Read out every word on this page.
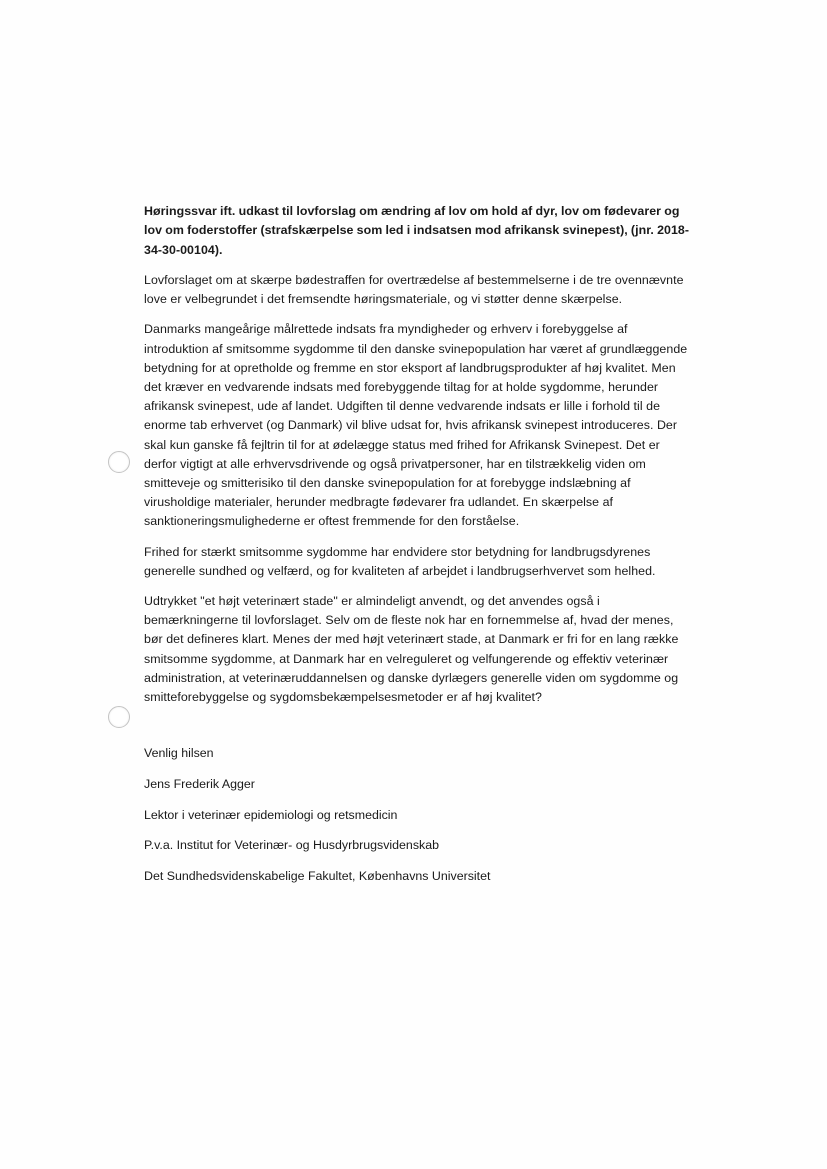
Høringssvar ift. udkast til lovforslag om ændring af lov om hold af dyr, lov om fødevarer og lov om foderstoffer (strafskærpelse som led i indsatsen mod afrikansk svinepest), (jnr. 2018-34-30-00104).

Lovforslaget om at skærpe bødestraffen for overtrædelse af bestemmelserne i de tre ovennævnte love er velbegrundet i det fremsendte høringsmateriale, og vi støtter denne skærpelse.

Danmarks mangeårige målrettede indsats fra myndigheder og erhverv i forebyggelse af introduktion af smitsomme sygdomme til den danske svinepopulation har været af grundlæggende betydning for at opretholde og fremme en stor eksport af landbrugsprodukter af høj kvalitet. Men det kræver en vedvarende indsats med forebyggende tiltag for at holde sygdomme, herunder afrikansk svinepest, ude af landet. Udgiften til denne vedvarende indsats er lille i forhold til de enorme tab erhvervet (og Danmark) vil blive udsat for, hvis afrikansk svinepest introduceres. Der skal kun ganske få fejltrin til for at ødelægge status med frihed for Afrikansk Svinepest. Det er derfor vigtigt at alle erhvervsdrivende og også privatpersoner, har en tilstrækkelig viden om smitteveje og smitterisiko til den danske svinepopulation for at forebygge indslæbning af virusholdige materialer, herunder medbragte fødevarer fra udlandet. En skærpelse af sanktioneringsmulighederne er oftest fremmende for den forståelse.

Frihed for stærkt smitsomme sygdomme har endvidere stor betydning for landbrugsdyrenes generelle sundhed og velfærd, og for kvaliteten af arbejdet i landbrugserhvervet som helhed.

Udtrykket "et højt veterinært stade" er almindeligt anvendt, og det anvendes også i bemærkningerne til lovforslaget. Selv om de fleste nok har en fornemmelse af, hvad der menes, bør det defineres klart. Menes der med højt veterinært stade, at Danmark er fri for en lang række smitsomme sygdomme, at Danmark har en velreguleret og velfungerende og effektiv veterinær administration, at veterinæruddannelsen og danske dyrlægers generelle viden om sygdomme og smitteforebyggelse og sygdomsbekæmpelsesmetoder er af høj kvalitet?

Venlig hilsen

Jens Frederik Agger

Lektor i veterinær epidemiologi og retsmedicin

P.v.a. Institut for Veterinær- og Husdyrbrugsvidenskab

Det Sundhedsvidenskabelige Fakultet, Københavns Universitet
